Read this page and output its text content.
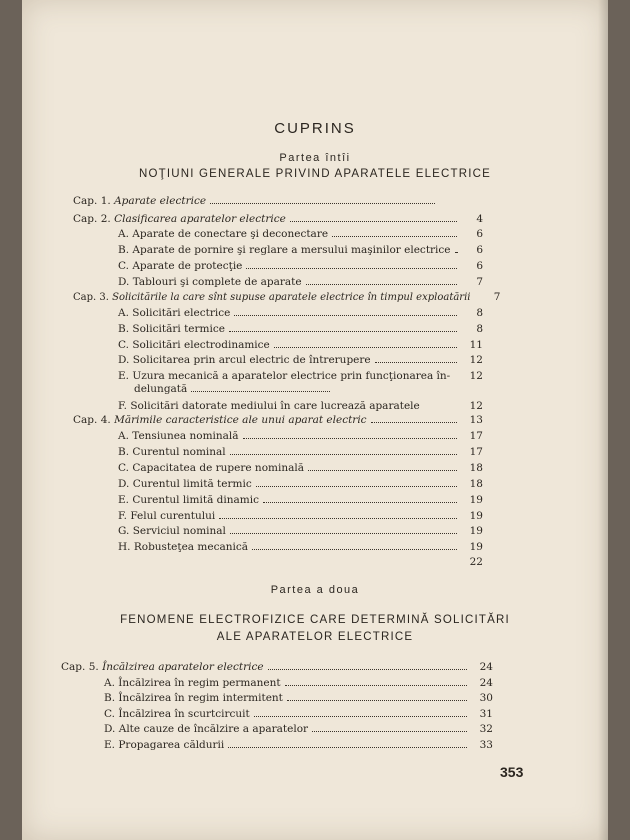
CUPRINS
Partea întîi
NOŢIUNI GENERALE PRIVIND APARATELE ELECTRICE
Cap. 1. Aparate electrice
Cap. 2. Clasificarea aparatelor electrice	4
A. Aparate de conectare şi deconectare	6
B. Aparate de pornire şi reglare a mersului maşinilor electrice	6
C. Aparate de protecţie	6
D. Tablouri şi complete de aparate	7
Cap. 3. Solicitările la care sînt supuse aparatele electrice în timpul exploatării	7
A. Solicitări electrice	8
B. Solicitări termice	8
C. Solicitări electrodinamice	11
D. Solicitarea prin arcul electric de întrerupere	12
E. Uzura mecanică a aparatelor electrice prin funcţionarea în-	12
delungată
F. Solicitări datorate mediului în care lucrează aparatele	12
Cap. 4. Mărimile caracteristice ale unui aparat electric	13
A. Tensiunea nominală	17
B. Curentul nominal	17
C. Capacitatea de rupere nominală	18
D. Curentul limită termic	18
E. Curentul limită dinamic	19
F. Felul curentului	19
G. Serviciul nominal	19
H. Robusteţea mecanică	19
22
Partea a doua
FENOMENE ELECTROFIZICE CARE DETERMINĂ SOLICITĂRI
ALE APARATELOR ELECTRICE
Cap. 5. Încălzirea aparatelor electrice	24
A. Încălzirea în regim permanent	24
B. Încălzirea în regim intermitent	30
C. Încălzirea în scurtcircuit	31
D. Alte cauze de încălzire a aparatelor	32
E. Propagarea căldurii	33
353
